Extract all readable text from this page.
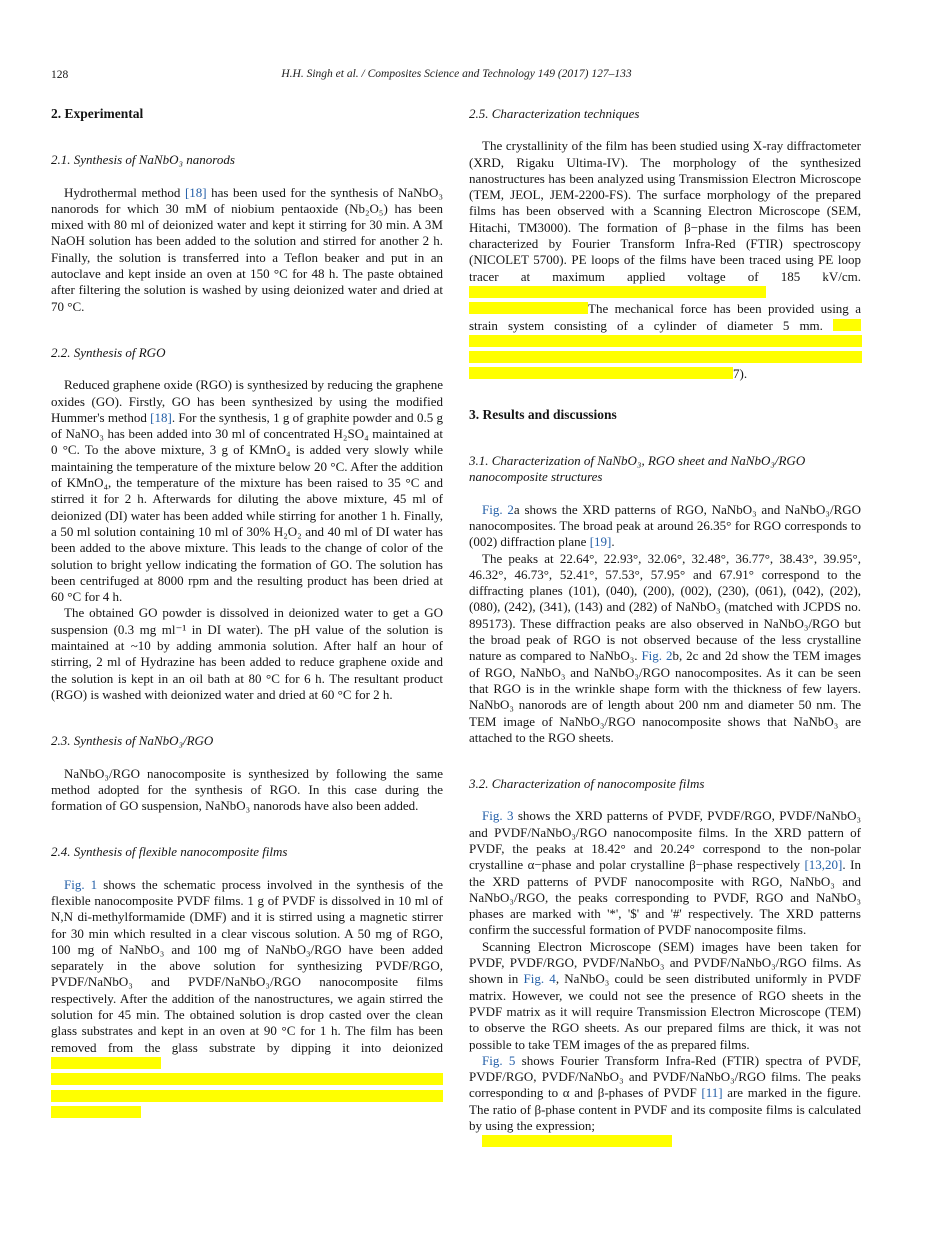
128	H.H. Singh et al. / Composites Science and Technology 149 (2017) 127–133
2. Experimental
2.1. Synthesis of NaNbO₃ nanorods

Hydrothermal method [18] has been used for the synthesis of NaNbO₃ nanorods for which 30 mM of niobium pentaoxide (Nb₂O₅) has been mixed with 80 ml of deionized water and kept it stirring for 30 min. A 3M NaOH solution has been added to the solution and stirred for another 2 h. Finally, the solution is transferred into a Teflon beaker and put in an autoclave and kept inside an oven at 150 °C for 48 h. The paste obtained after filtering the solution is washed by using deionized water and dried at 70 °C.

2.2. Synthesis of RGO

Reduced graphene oxide (RGO) is synthesized by reducing the graphene oxides (GO). Firstly, GO has been synthesized by using the modified Hummer's method [18]. For the synthesis, 1 g of graphite powder and 0.5 g of NaNO₃ has been added into 30 ml of concentrated H₂SO₄ maintained at 0 °C. To the above mixture, 3 g of KMnO₄ is added very slowly while maintaining the temperature of the mixture below 20 °C. After the addition of KMnO₄, the temperature of the mixture has been raised to 35 °C and stirred it for 2 h. Afterwards for diluting the above mixture, 45 ml of deionized (DI) water has been added while stirring for another 1 h. Finally, a 50 ml solution containing 10 ml of 30% H₂O₂ and 40 ml of DI water has been added to the above mixture. This leads to the change of color of the solution to bright yellow indicating the formation of GO. The solution has been centrifuged at 8000 rpm and the resulting product has been dried at 60 °C for 4 h.

The obtained GO powder is dissolved in deionized water to get a GO suspension (0.3 mg ml⁻¹ in DI water). The pH value of the solution is maintained at ~10 by adding ammonia solution. After half an hour of stirring, 2 ml of Hydrazine has been added to reduce graphene oxide and the solution is kept in an oil bath at 80 °C for 6 h. The resultant product (RGO) is washed with deionized water and dried at 60 °C for 2 h.

2.3. Synthesis of NaNbO₃/RGO

NaNbO₃/RGO nanocomposite is synthesized by following the same method adopted for the synthesis of RGO. In this case during the formation of GO suspension, NaNbO₃ nanorods have also been added.

2.4. Synthesis of flexible nanocomposite films

Fig. 1 shows the schematic process involved in the synthesis of the flexible nanocomposite PVDF films. 1 g of PVDF is dissolved in 10 ml of N,N di-methylformamide (DMF) and it is stirred using a magnetic stirrer for 30 min which resulted in a clear viscous solution. A 50 mg of RGO, 100 mg of NaNbO₃ and 100 mg of NaNbO₃/RGO have been added separately in the above solution for synthesizing PVDF/RGO, PVDF/NaNbO₃ and PVDF/NaNbO₃/RGO nanocomposite films respectively. After the addition of the nanostructures, we again stirred the solution for 45 min. The obtained solution is drop casted over the clean glass substrates and kept in an oven at 90 °C for 1 h. The film has been removed from the glass substrate by dipping it into deionized

2.5. Characterization techniques

The crystallinity of the film has been studied using X-ray diffractometer (XRD, Rigaku Ultima-IV). The morphology of the synthesized nanostructures has been analyzed using Transmission Electron Microscope (TEM, JEOL, JEM-2200-FS). The surface morphology of the prepared films has been observed with a Scanning Electron Microscope (SEM, Hitachi, TM3000). The formation of β−phase in the films has been characterized by Fourier Transform Infra-Red (FTIR) spectroscopy (NICOLET 5700). PE loops of the films have been traced using PE loop tracer at maximum applied voltage of 185 kV/cm. The mechanical force has been provided using a strain system consisting of a cylinder of diameter 5 mm. 7).

3. Results and discussions
3.1. Characterization of NaNbO₃, RGO sheet and NaNbO₃/RGO nanocomposite structures

Fig. 2a shows the XRD patterns of RGO, NaNbO₃ and NaNbO₃/RGO nanocomposites. The broad peak at around 26.35° for RGO corresponds to (002) diffraction plane [19].

The peaks at 22.64°, 22.93°, 32.06°, 32.48°, 36.77°, 38.43°, 39.95°, 46.32°, 46.73°, 52.41°, 57.53°, 57.95° and 67.91° correspond to the diffracting planes (101), (040), (200), (002), (230), (061), (042), (202), (080), (242), (341), (143) and (282) of NaNbO₃ (matched with JCPDS no. 895173). These diffraction peaks are also observed in NaNbO₃/RGO but the broad peak of RGO is not observed because of the less crystalline nature as compared to NaNbO₃. Fig. 2b, 2c and 2d show the TEM images of RGO, NaNbO₃ and NaNbO₃/RGO nanocomposites. As it can be seen that RGO is in the wrinkle shape form with the thickness of few layers. NaNbO₃ nanorods are of length about 200 nm and diameter 50 nm. The TEM image of NaNbO₃/RGO nanocomposite shows that NaNbO₃ are attached to the RGO sheets.

3.2. Characterization of nanocomposite films

Fig. 3 shows the XRD patterns of PVDF, PVDF/RGO, PVDF/NaNbO₃ and PVDF/NaNbO₃/RGO nanocomposite films. In the XRD pattern of PVDF, the peaks at 18.42° and 20.24° correspond to the non-polar crystalline α−phase and polar crystalline β−phase respectively [13,20]. In the XRD patterns of PVDF nanocomposite with RGO, NaNbO₃ and NaNbO₃/RGO, the peaks corresponding to PVDF, RGO and NaNbO₃ phases are marked with '*', '$' and '#' respectively. The XRD patterns confirm the successful formation of PVDF nanocomposite films.

Scanning Electron Microscope (SEM) images have been taken for PVDF, PVDF/RGO, PVDF/NaNbO₃ and PVDF/NaNbO₃/RGO films. As shown in Fig. 4, NaNbO₃ could be seen distributed uniformly in PVDF matrix. However, we could not see the presence of RGO sheets in the PVDF matrix as it will require Transmission Electron Microscope (TEM) to observe the RGO sheets. As our prepared films are thick, it was not possible to take TEM images of the as prepared films.

Fig. 5 shows Fourier Transform Infra-Red (FTIR) spectra of PVDF, PVDF/RGO, PVDF/NaNbO₃ and PVDF/NaNbO₃/RGO films. The peaks corresponding to α and β-phases of PVDF [11] are marked in the figure. The ratio of β-phase content in PVDF and its composite films is calculated by using the expression;
